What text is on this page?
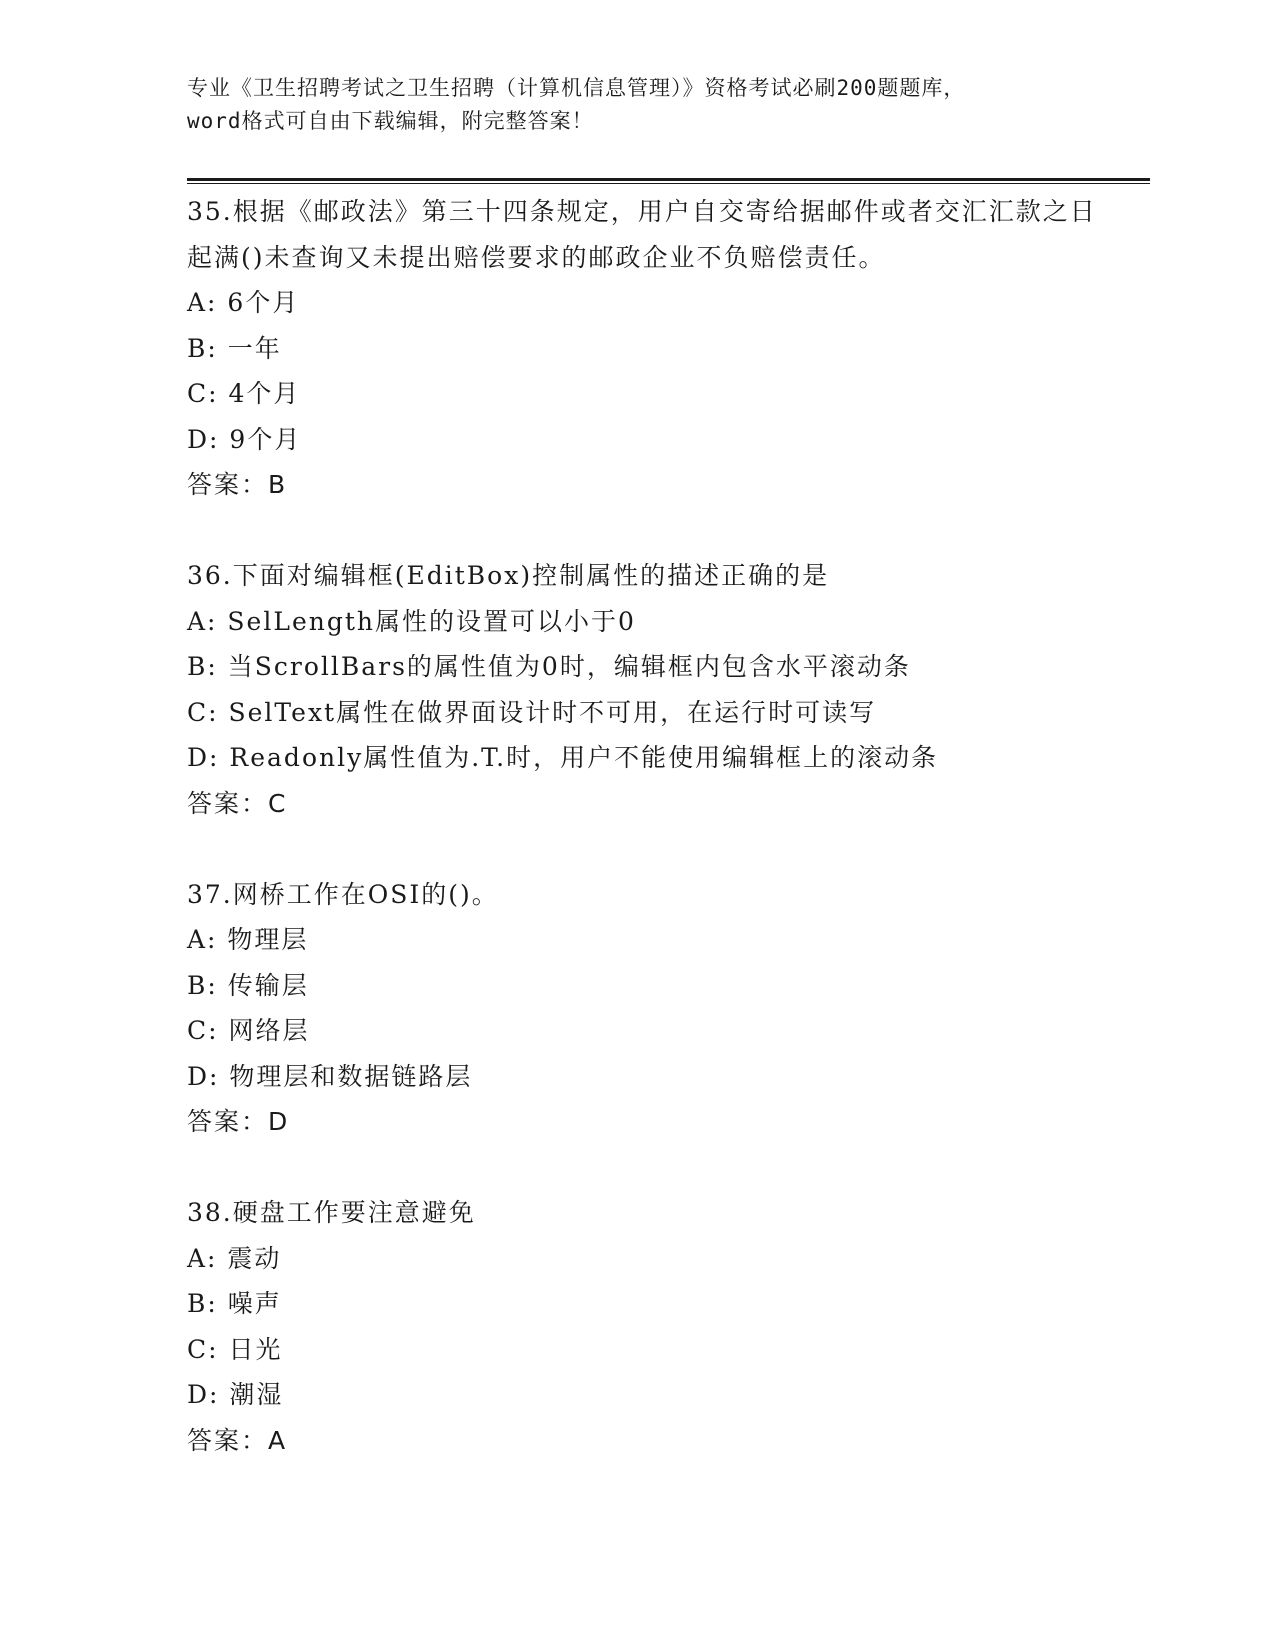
专业《卫生招聘考试之卫生招聘（计算机信息管理）》资格考试必刷200题题库，
word格式可自由下载编辑，附完整答案！

35.根据《邮政法》第三十四条规定，用户自交寄给据邮件或者交汇汇款之日起满()未查询又未提出赔偿要求的邮政企业不负赔偿责任。

A: 6个月

B: 一年

C: 4个月

D: 9个月

答案：B

36.下面对编辑框(EditBox)控制属性的描述正确的是

A: SelLength属性的设置可以小于0

B: 当ScrollBars的属性值为0时，编辑框内包含水平滚动条

C: SelText属性在做界面设计时不可用，在运行时可读写

D: Readonly属性值为.T.时，用户不能使用编辑框上的滚动条

答案：C

37.网桥工作在OSI的()。

A: 物理层

B: 传输层

C: 网络层

D: 物理层和数据链路层

答案：D

38.硬盘工作要注意避免

A: 震动

B: 噪声

C: 日光

D: 潮湿

答案：A
